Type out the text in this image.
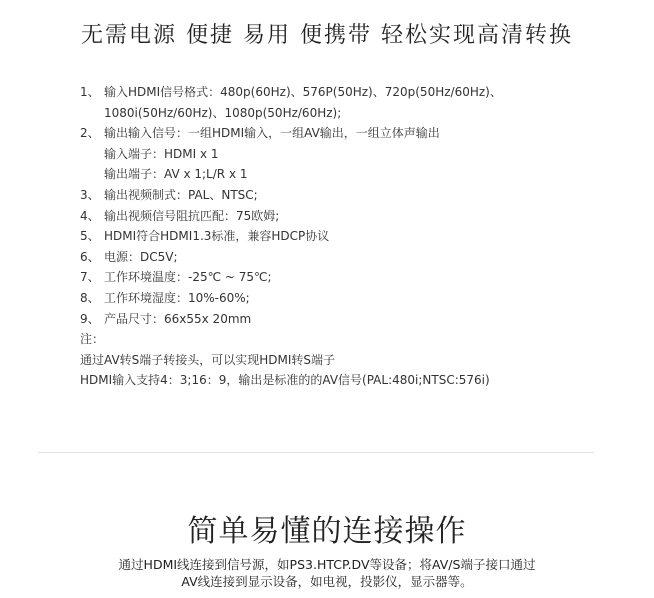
无需电源 便捷 易用 便携带 轻松实现高清转换
1、 输入HDMI信号格式：480p(60Hz)、576P(50Hz)、720p(50Hz/60Hz)、
1080i(50Hz/60Hz)、1080p(50Hz/60Hz);
2、 输出输入信号：一组HDMI输入，一组AV输出，一组立体声输出
输入端子：HDMI x 1
输出端子：AV x 1;L/R x 1
3、 输出视频制式：PAL、NTSC;
4、 输出视频信号阻抗匹配：75欧姆;
5、 HDMI符合HDMI1.3标准，兼容HDCP协议
6、 电源：DC5V;
7、 工作环境温度：-25℃ ~ 75℃;
8、 工作环境湿度：10%-60%;
9、 产品尺寸：66x55x 20mm
注：
通过AV转S端子转接头，可以实现HDMI转S端子
HDMI输入支持4：3;16：9，输出是标准的的AV信号(PAL:480i;NTSC:576i)
简单易懂的连接操作
通过HDMI线连接到信号源，如PS3.HTCP.DV等设备；将AV/S端子接口通过
AV线连接到显示设备，如电视，投影仪，显示器等。
